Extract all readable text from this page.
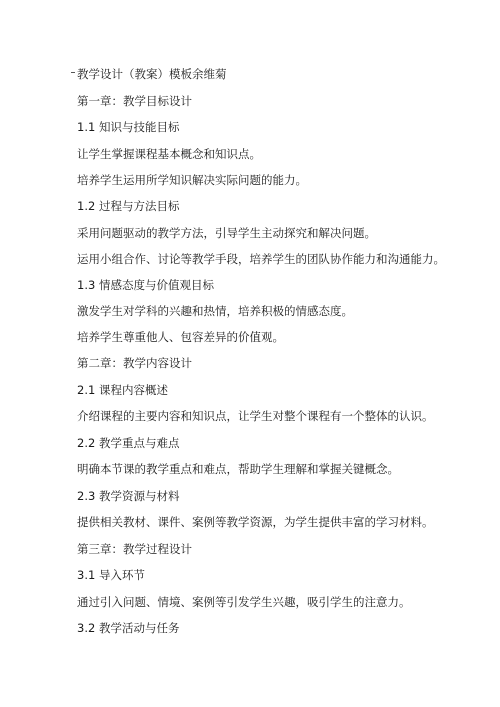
教学设计（教案）模板余维菊
第一章：教学目标设计
1.1 知识与技能目标
让学生掌握课程基本概念和知识点。
培养学生运用所学知识解决实际问题的能力。
1.2 过程与方法目标
采用问题驱动的教学方法，引导学生主动探究和解决问题。
运用小组合作、讨论等教学手段，培养学生的团队协作能力和沟通能力。
1.3 情感态度与价值观目标
激发学生对学科的兴趣和热情，培养积极的情感态度。
培养学生尊重他人、包容差异的价值观。
第二章：教学内容设计
2.1 课程内容概述
介绍课程的主要内容和知识点，让学生对整个课程有一个整体的认识。
2.2 教学重点与难点
明确本节课的教学重点和难点，帮助学生理解和掌握关键概念。
2.3 教学资源与材料
提供相关教材、课件、案例等教学资源，为学生提供丰富的学习材料。
第三章：教学过程设计
3.1 导入环节
通过引入问题、情境、案例等引发学生兴趣，吸引学生的注意力。
3.2 教学活动与任务
